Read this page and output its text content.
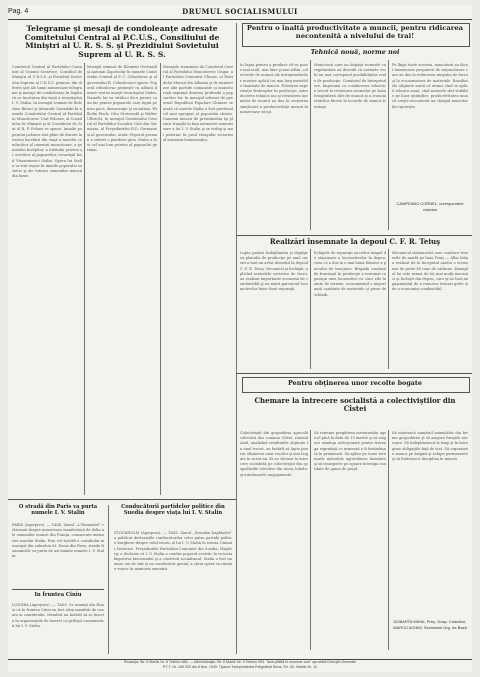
Pag. 4	DRUMUL SOCIALISMULUI
Telegrame şi mesaji de condoleanţe adresate Comitetului Central al P.C.U.S., Consiliului de Miniştri al U. R. S. S. şi Prezidiului Sovietului Suprem al U. R. S. S.
Comitetul Central al Partidului Comunist al Uniunii Sovietice, Consiliul de Miniştri al U.R.S.S. şi Prezidiul Sovietului Suprem al U.R.S.S. primesc din diferite ţări ale lumii numeroase telegrame şi mesaje de condoleanţe în legătură cu încetarea din viaţă a tovarăşului I. V. Stalin. In mesajul semnat de Boleslaw Bierut şi Alexandr Zawadzki în numele Comitetului Central al Partidului Muncitoresc Unit Polonez, al Consiliului de Miniştri şi al Consiliului de Stat al R. P. Polone se spune: Inimile poporului polonez sînt pline de durere la vestea încetării din viaţă a marelui conducător al omenirii muncitoare, a genialului învăţător, a iubitului prieten şi ocrotitor al popoarelor, tovarăşul Iosif Visarionovici Stalin. Opera lui Stalin va trăi veşnic în inimile poporului sovietic şi ale tuturor oamenilor muncii din lume.
Mesajul semnat de Klement Gottwald şi Antonin Zapotocky în numele Comitetului Central al P. C. Cehoslovac şi al guvernului R. Cehoslovace spune: Poporul cehoslovac primeşte cu adîncă durere vestea morţii tovarăşului Stalin. Numele lui va străluci de-a pururi ca un far pentru popoarele care luptă pentru pace, democraţie şi socialism. Wilhelm Pieck, Otto Grotewohl şi Walter Ulbricht, în mesajul Comitetului Central al Partidului Socialist Unit din Germania, al Preşedintelui R.D. Germane şi al guvernului, arată: Poporul german a suferit o pierdere grea. Stalin a fost cel mai bun prieten al poporului german.
Mesajele transmise de Comitetul Central al Partidului Muncitoresc Ungar, al Partidului Comunist Chinez, al Partidului Muncii din Albania şi de numeroase alte partide comuniste şi muncitoreşti exprimă durerea profundă a popoarelor lor. In mesajul adresat de guvernul Republicii Populare Chineze se arată că marele Stalin a fost prietenul cel mai apropiat al poporului chinez. Oamenii muncii de pretutindeni îşi pleacă frunţile în faţa memoriei nemuritoare a lui I. V. Stalin şi se strîng şi mai puternic în jurul steagului victorios al marxism-leninismului.
O stradă din Paris va purta numele I. V. Stalin
PARIS (Agerpres). — TASS. Ziarul „L'Humanité” relatează despre numeroase manifestaţii de doliu ale oamenilor muncii din Franţa, consacrate memoriei marelui Stalin. Prin vot hotărît a consiliului municipal din suburbia St. Denis din Paris, strada Romainville va purta de azi înainte numele I. V. Stalin.
In fruntea Ciniu
LONDRA (Agerpres). — TASS. Se anunţă din Hanoi că în fruntea Ciniu au fost aleşi membrii de onoare ai comitetului. Membrii au hotărît să se înscrie în organizaţiile de tineret cu prilejul comemorării lui I. V. Stalin.
Conducătorii partidelor politice din Suedia despre viaţa lui I. V. Stalin
STOCKHOLM (Agerpres). — TASS. Ziarul „Svenska Dagbladet” a publicat declaraţiile conducătorilor celor patru partide politice burgheze despre rolul istoric al lui I. V. Stalin în istoria Uniunii Sovietice. Preşedintele Partidului Comunist din Suedia, Hagberg, a declarat că I. V. Stalin a condus poporul sovietic la victoria împotriva fascismului şi a construit socialismul. Stalin a fost un mare om de stat şi un conducător genial, a cărui operă va rămîne veşnic în memoria omenirii.
Pentru o înaltă productivitate a muncii, pentru ridicarea necontenită a nivelului de trai!
Tehnică nouă, norme noi
In lupta pentru a produce cît se poate mai mult, mai bine şi mai ieftin, colectivele de muncă ale întreprinderilor noastre aplică tot mai larg metodele înaintate de muncă. Folosirea experienţei fruntaşilor în producţie, introducerea tehnicii noi şi revizuirea normelor de muncă au dus la creşterea simţitoare a productivităţii muncii în numeroase secţii.
Muncitorii care au depăşit normele cu regularitate au dovedit că normele vechi nu mai corespund posibilităţilor reale de producţie. Comitetul de întreprindere, împreună cu conducerea tehnică, a trecut la revizuirea normelor pe baza fotografierii zilei de muncă şi a cronometrărilor făcute la locurile de muncă fruntaşe.
Pe lîngă toate acestea, muncitorii au făcut numeroase propuneri de raţionalizare care au dus la reducerea timpului de lucru şi la economisirea de materiale. Rezultatele obţinute arată că atunci cînd se aplică tehnica nouă, cînd normele sînt stabilite pe baze ştiinţifice, productivitatea muncii creşte necontenit iar cîştigul muncitorilor sporeşte.
CAMPEANU CORNEL, corespondent voluntar
Realizări însemnate la depoul C. F. R. Teiuş
Lupta pentru îndeplinirea şi depăşirea planului de producţie pe anul curent a luat un avînt deosebit la depoul C. F. R. Teiuş. Mecanicii şi fochiştii, aplicînd metodele sovietice de lucru, au realizat importante economii de combustibil şi au mărit parcursul locomotivelor între două reparaţii.
Echipele de reparaţii au redus timpul de staţionare a locomotivelor în depou, ceea ce a dus la o mai bună folosire a parcului de tracţiune. Brigada condusă de fruntaşul în producţie a terminat reparaţia unei locomotive cu cinci zile înainte de termen, economisind o importantă cantitate de materiale şi piese de schimb.
Mecanicul stahanovist care conduce trenurile de marfă pe linia Teiuş — Alba Iulia a realizat de la începutul anului o economie de peste 40 tone de cărbune. Exemplul lui este urmat de tot mai mulţi mecanici şi fochişti din depou, care şi-au luat angajamentul de a remorca trenuri grele şi de a economisi combustibil.
Pentru obţinerea unor recolte bogate
Chemare la întrecere socialistă a colectiviştilor din Cîstei
Colectiviştii din gospodăria agricolă colectivă din comuna Cîstei, raionul Aiud, analizînd rezultatele obţinute în anul trecut, au hotărît să lupte pentru obţinerea unor recolte şi mai bogate în acest an. Ei au chemat la întrecere socialistă pe colectiviştii din gospodăriile colective din raion, luîndu-şi următoarele angajamente:
Să termine pregătirea inventarului agricol pînă la data de 15 martie şi să asigure sămînţa selecţionată pentru întreaga suprafaţă ce urmează a fi însămînţată în primăvară. Să aplice pe toate terenurile metodele agrotehnice înaintate şi să transporte pe ogoare întreaga cantitate de gunoi de grajd.
Să mărească numărul animalelor din ferma gospodăriei şi să asigure furajele necesare. Să îndeplinească la timp şi în întregime obligaţiile faţă de stat. Să organizeze munca pe brigăzi şi echipe permanente şi să întărească disciplina în muncă.
DOBARTA MIHAI, Preş. Gosp. Colective, MARCU ACHIM, Secretarul Org. de Bază
Redacţia: Str. 6 Martie Nr. 6 Telefon 688. — Administraţia: Str. 6 Martie Nr. 9 Telefon 594. Taxa plătită în numerar conf. aprobării Direcţiei Generale
P.T.T. Nr. 106.320 din 8 Nov. 1949. Tiparul: Întreprinderea Poligrafică Deva, Str. Gh. Barițiu Nr. 12
